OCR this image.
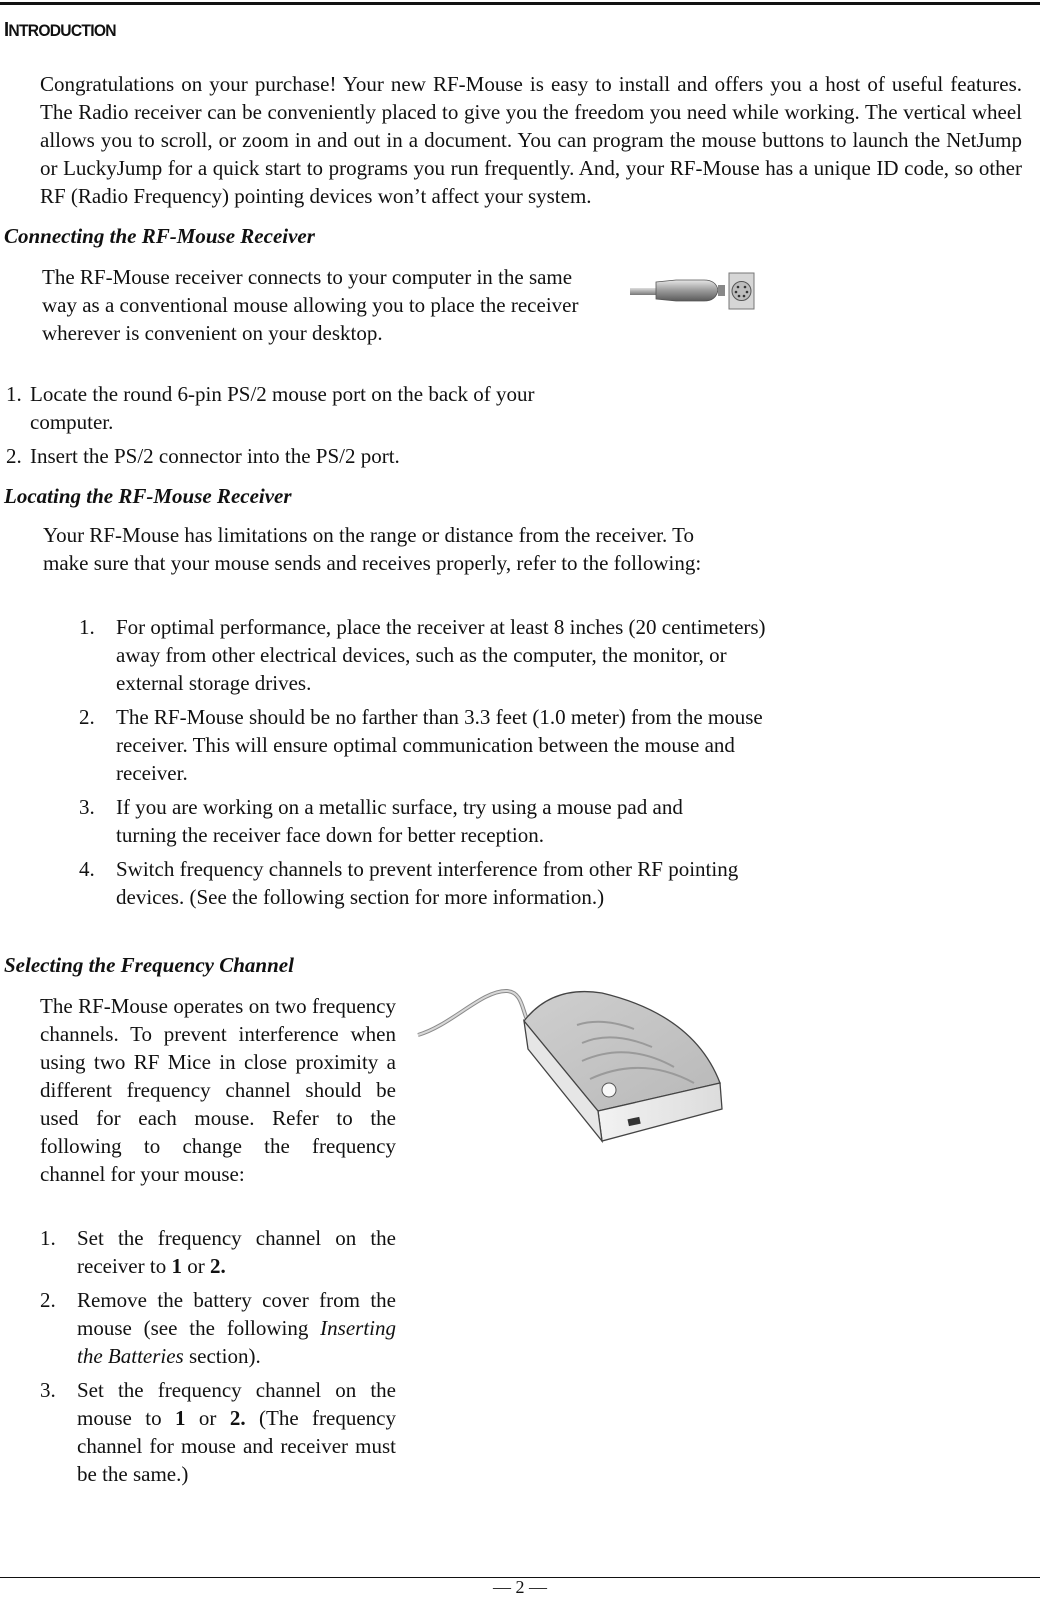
INTRODUCTION
Congratulations on your purchase! Your new RF-Mouse is easy to install and offers you a host of useful features. The Radio receiver can be conveniently placed to give you the freedom you need while working. The vertical wheel allows you to scroll, or zoom in and out in a document. You can program the mouse buttons to launch the NetJump or LuckyJump for a quick start to programs you run frequently. And, your RF-Mouse has a unique ID code, so other RF (Radio Frequency) pointing devices won’t affect your system.
Connecting the RF-Mouse Receiver
The RF-Mouse receiver connects to your computer in the same way as a conventional mouse allowing you to place the receiver wherever is convenient on your desktop.
1. Locate the round 6-pin PS/2 mouse port on the back of your computer.
2. Insert the PS/2 connector into the PS/2 port.
Locating the RF-Mouse Receiver
Your RF-Mouse has limitations on the range or distance from the receiver. To make sure that your mouse sends and receives properly, refer to the following:
1. For optimal performance, place the receiver at least 8 inches (20 centimeters) away from other electrical devices, such as the computer, the monitor, or external storage drives.
2. The RF-Mouse should be no farther than 3.3 feet (1.0 meter) from the mouse receiver. This will ensure optimal communication between the mouse and receiver.
3. If you are working on a metallic surface, try using a mouse pad and turning the receiver face down for better reception.
4. Switch frequency channels to prevent interference from other RF pointing devices. (See the following section for more information.)
Selecting the Frequency Channel
The RF-Mouse operates on two frequency channels. To prevent interference when using two RF Mice in close proximity a different frequency channel should be used for each mouse. Refer to the following to change the frequency channel for your mouse:
1. Set the frequency channel on the receiver to 1 or 2.
2. Remove the battery cover from the mouse (see the following Inserting the Batteries section).
3. Set the frequency channel on the mouse to 1 or 2. (The frequency channel for mouse and receiver must be the same.)
— 2 —
